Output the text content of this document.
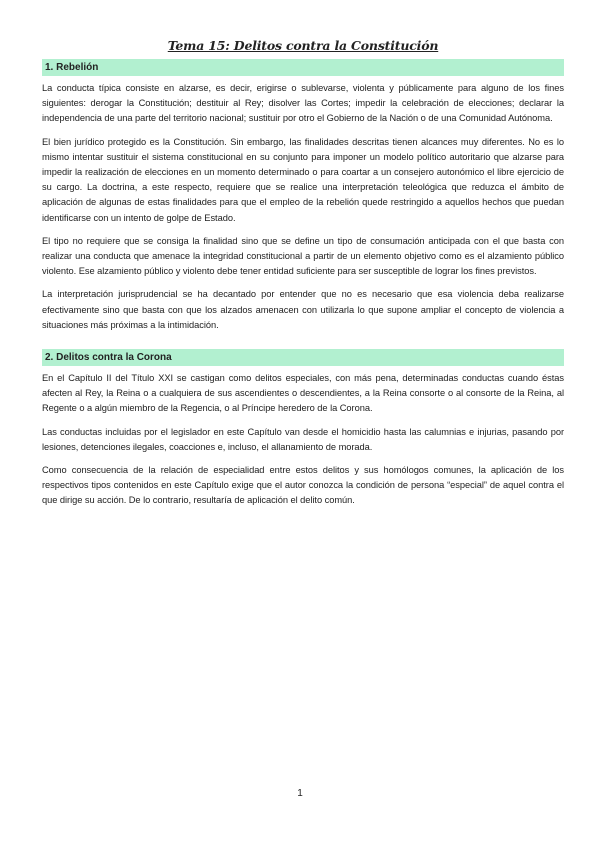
Tema 15: Delitos contra la Constitución
1. Rebelión

La conducta típica consiste en alzarse, es decir, erigirse o sublevarse, violenta y públicamente para alguno de los fines siguientes: derogar la Constitución; destituir al Rey; disolver las Cortes; impedir la celebración de elecciones; declarar la independencia de una parte del territorio nacional; sustituir por otro el Gobierno de la Nación o de una Comunidad Autónoma.

El bien jurídico protegido es la Constitución. Sin embargo, las finalidades descritas tienen alcances muy diferentes. No es lo mismo intentar sustituir el sistema constitucional en su conjunto para imponer un modelo político autoritario que alzarse para impedir la realización de elecciones en un momento determinado o para coartar a un consejero autonómico el libre ejercicio de su cargo. La doctrina, a este respecto, requiere que se realice una interpretación teleológica que reduzca el ámbito de aplicación de algunas de estas finalidades para que el empleo de la rebelión quede restringido a aquellos hechos que puedan identificarse con un intento de golpe de Estado.

El tipo no requiere que se consiga la finalidad sino que se define un tipo de consumación anticipada con el que basta con realizar una conducta que amenace la integridad constitucional a partir de un elemento objetivo como es el alzamiento público violento. Ese alzamiento público y violento debe tener entidad suficiente para ser susceptible de lograr los fines previstos.

La interpretación jurisprudencial se ha decantado por entender que no es necesario que esa violencia deba realizarse efectivamente sino que basta con que los alzados amenacen con utilizarla lo que supone ampliar el concepto de violencia a situaciones más próximas a la intimidación.

2. Delitos contra la Corona

En el Capítulo II del Título XXI se castigan como delitos especiales, con más pena, determinadas conductas cuando éstas afecten al Rey, la Reina o a cualquiera de sus ascendientes o descendientes, a la Reina consorte o al consorte de la Reina, al Regente o a algún miembro de la Regencia, o al Príncipe heredero de la Corona.

Las conductas incluidas por el legislador en este Capítulo van desde el homicidio hasta las calumnias e injurias, pasando por lesiones, detenciones ilegales, coacciones e, incluso, el allanamiento de morada.

Como consecuencia de la relación de especialidad entre estos delitos y sus homólogos comunes, la aplicación de los respectivos tipos contenidos en este Capítulo exige que el autor conozca la condición de persona “especial” de aquel contra el que dirige su acción. De lo contrario, resultaría de aplicación el delito común.

1
